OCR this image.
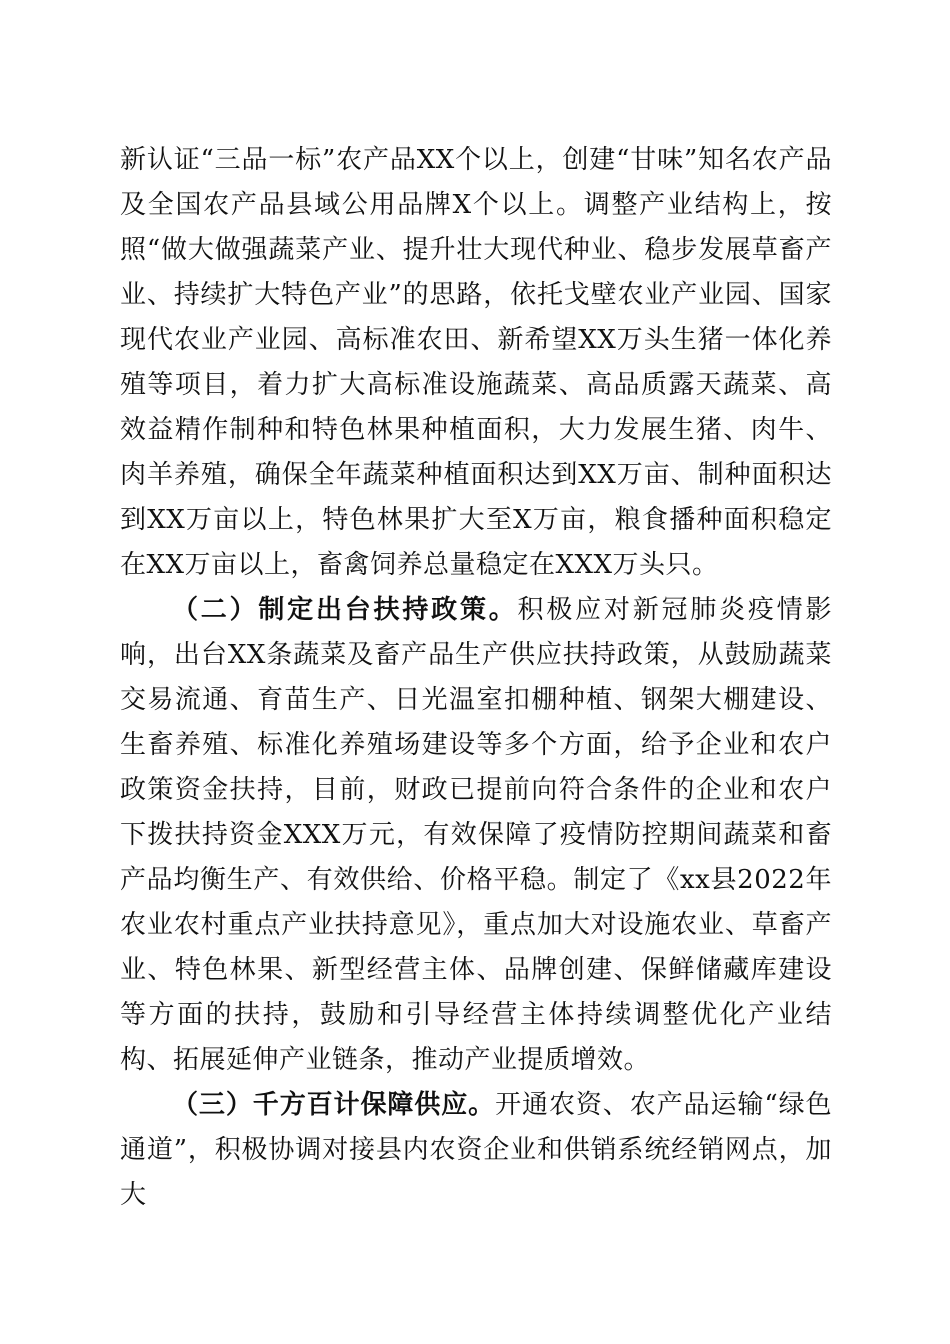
新认证“三品一标”农产品XX个以上，创建“甘味”知名农产品及全国农产品县域公用品牌X个以上。调整产业结构上，按照“做大做强蔬菜产业、提升壮大现代种业、稳步发展草畜产业、持续扩大特色产业”的思路，依托戈壁农业产业园、国家现代农业产业园、高标准农田、新希望XX万头生猪一体化养殖等项目，着力扩大高标准设施蔬菜、高品质露天蔬菜、高效益精作制种和特色林果种植面积，大力发展生猪、肉牛、肉羊养殖，确保全年蔬菜种植面积达到XX万亩、制种面积达到XX万亩以上，特色林果扩大至X万亩，粮食播种面积稳定在XX万亩以上，畜禽饲养总量稳定在XXX万头只。

（二）制定出台扶持政策。积极应对新冠肺炎疫情影响，出台XX条蔬菜及畜产品生产供应扶持政策，从鼓励蔬菜交易流通、育苗生产、日光温室扣棚种植、钢架大棚建设、生畜养殖、标准化养殖场建设等多个方面，给予企业和农户政策资金扶持，目前，财政已提前向符合条件的企业和农户下拨扶持资金XXX万元，有效保障了疫情防控期间蔬菜和畜产品均衡生产、有效供给、价格平稳。制定了《xx县2022年农业农村重点产业扶持意见》，重点加大对设施农业、草畜产业、特色林果、新型经营主体、品牌创建、保鲜储藏库建设等方面的扶持，鼓励和引导经营主体持续调整优化产业结构、拓展延伸产业链条，推动产业提质增效。

（三）千方百计保障供应。开通农资、农产品运输“绿色通道”，积极协调对接县内农资企业和供销系统经销网点，加大
